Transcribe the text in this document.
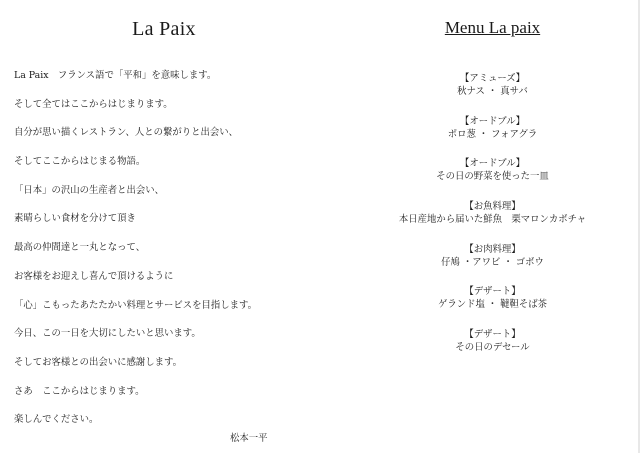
La Paix
La Paix　フランス語で「平和」を意味します。
そして全てはここからはじまります。
自分が思い描くレストラン、人との繋がりと出会い、
そしてここからはじまる物語。
「日本」の沢山の生産者と出会い、
素晴らしい食材を分けて頂き
最高の仲間達と一丸となって、
お客様をお迎えし喜んで頂けるように
「心」こもったあたたかい料理とサービスを目指します。
今日、この一日を大切にしたいと思います。
そしてお客様との出会いに感謝します。
さあ　ここからはじまります。
楽しんでください。
松本一平
Menu La paix
【アミューズ】
秋ナス ・ 真サバ
【オードブル】
ポロ葱 ・ フォアグラ
【オードブル】
その日の野菜を使った一皿
【お魚料理】
本日産地から届いた鮮魚　栗マロンカボチャ
【お肉料理】
仔鳩 ・アワビ ・ ゴボウ
【デザート】
ゲランド塩 ・ 韃靼そば茶
【デザート】
その日のデセール
